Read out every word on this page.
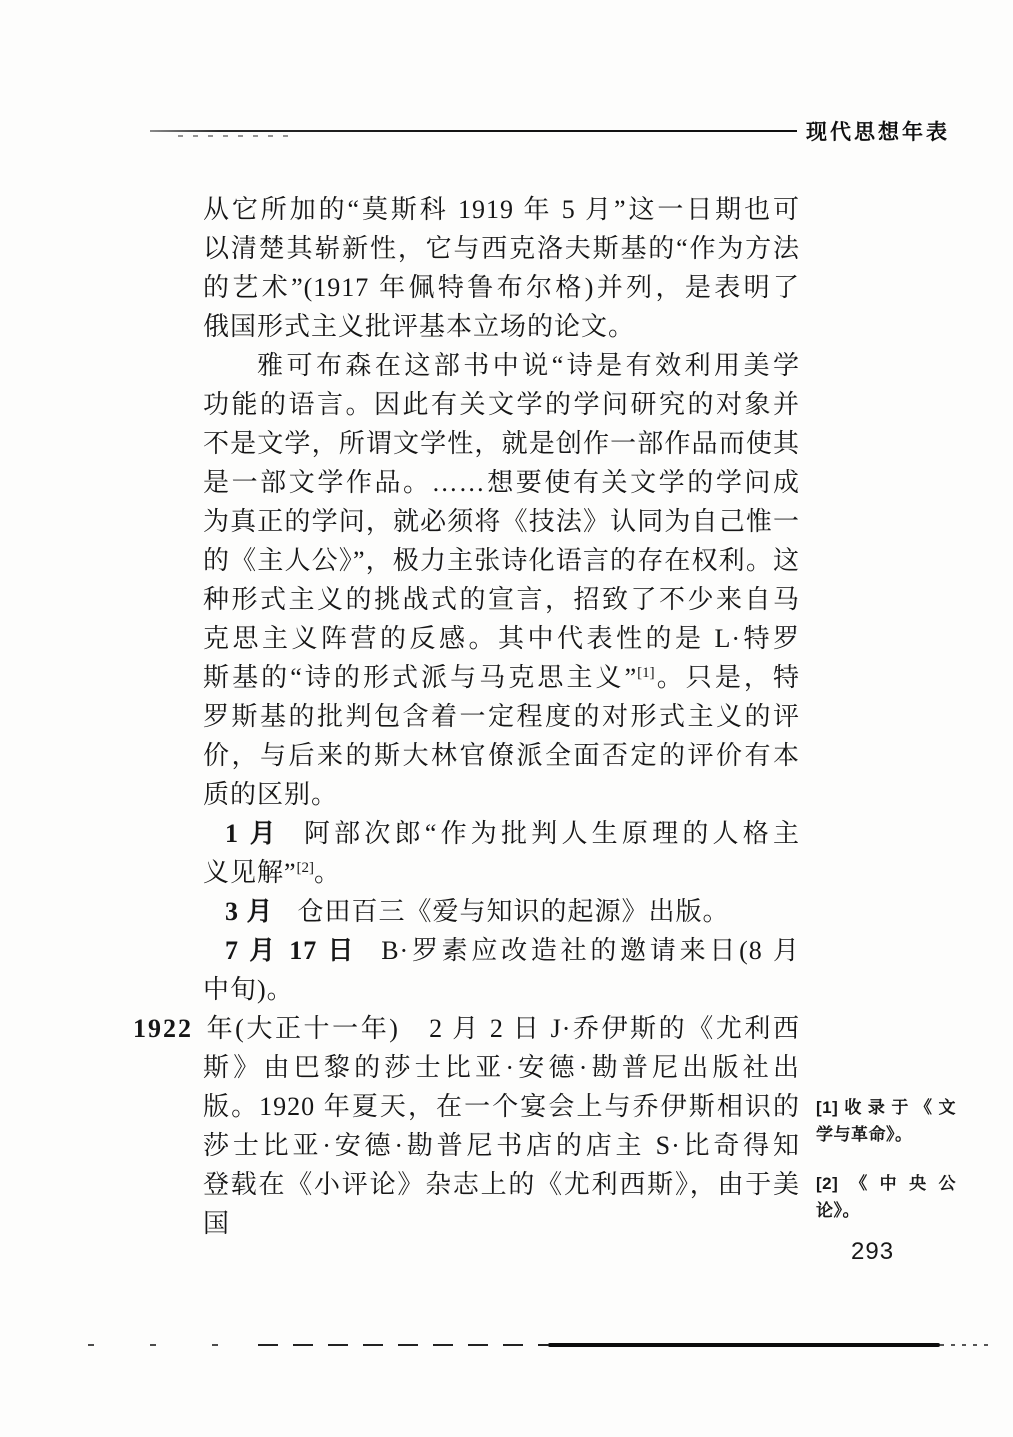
现代思想年表
从它所加的“莫斯科 1919 年 5 月”这一日期也可
以清楚其崭新性，它与西克洛夫斯基的“作为方法
的艺术”(1917 年佩特鲁布尔格)并列，是表明了
俄国形式主义批评基本立场的论文。
雅可布森在这部书中说“诗是有效利用美学
功能的语言。因此有关文学的学问研究的对象并
不是文学，所谓文学性，就是创作一部作品而使其
是一部文学作品。……想要使有关文学的学问成
为真正的学问，就必须将《技法》认同为自己惟一
的《主人公》”，极力主张诗化语言的存在权利。这
种形式主义的挑战式的宣言，招致了不少来自马
克思主义阵营的反感。其中代表性的是 L·特罗
斯基的“诗的形式派与马克思主义”[1]。只是，特
罗斯基的批判包含着一定程度的对形式主义的评
价，与后来的斯大林官僚派全面否定的评价有本
质的区别。
1 月 阿部次郎“作为批判人生原理的人格主
义见解”[2]。
3 月 仓田百三《爱与知识的起源》出版。
7 月 17 日 B·罗素应改造社的邀请来日(8 月
中旬)。
1922 年(大正十一年)　2 月 2 日 J·乔伊斯的《尤利西
斯》由巴黎的莎士比亚·安德·勘普尼出版社出
版。1920 年夏天，在一个宴会上与乔伊斯相识的
莎士比亚·安德·勘普尼书店的店主 S·比奇得知
登载在《小评论》杂志上的《尤利西斯》，由于美国
[1]收录于《文
学与革命》。
[2]《中央公
论》。
293
